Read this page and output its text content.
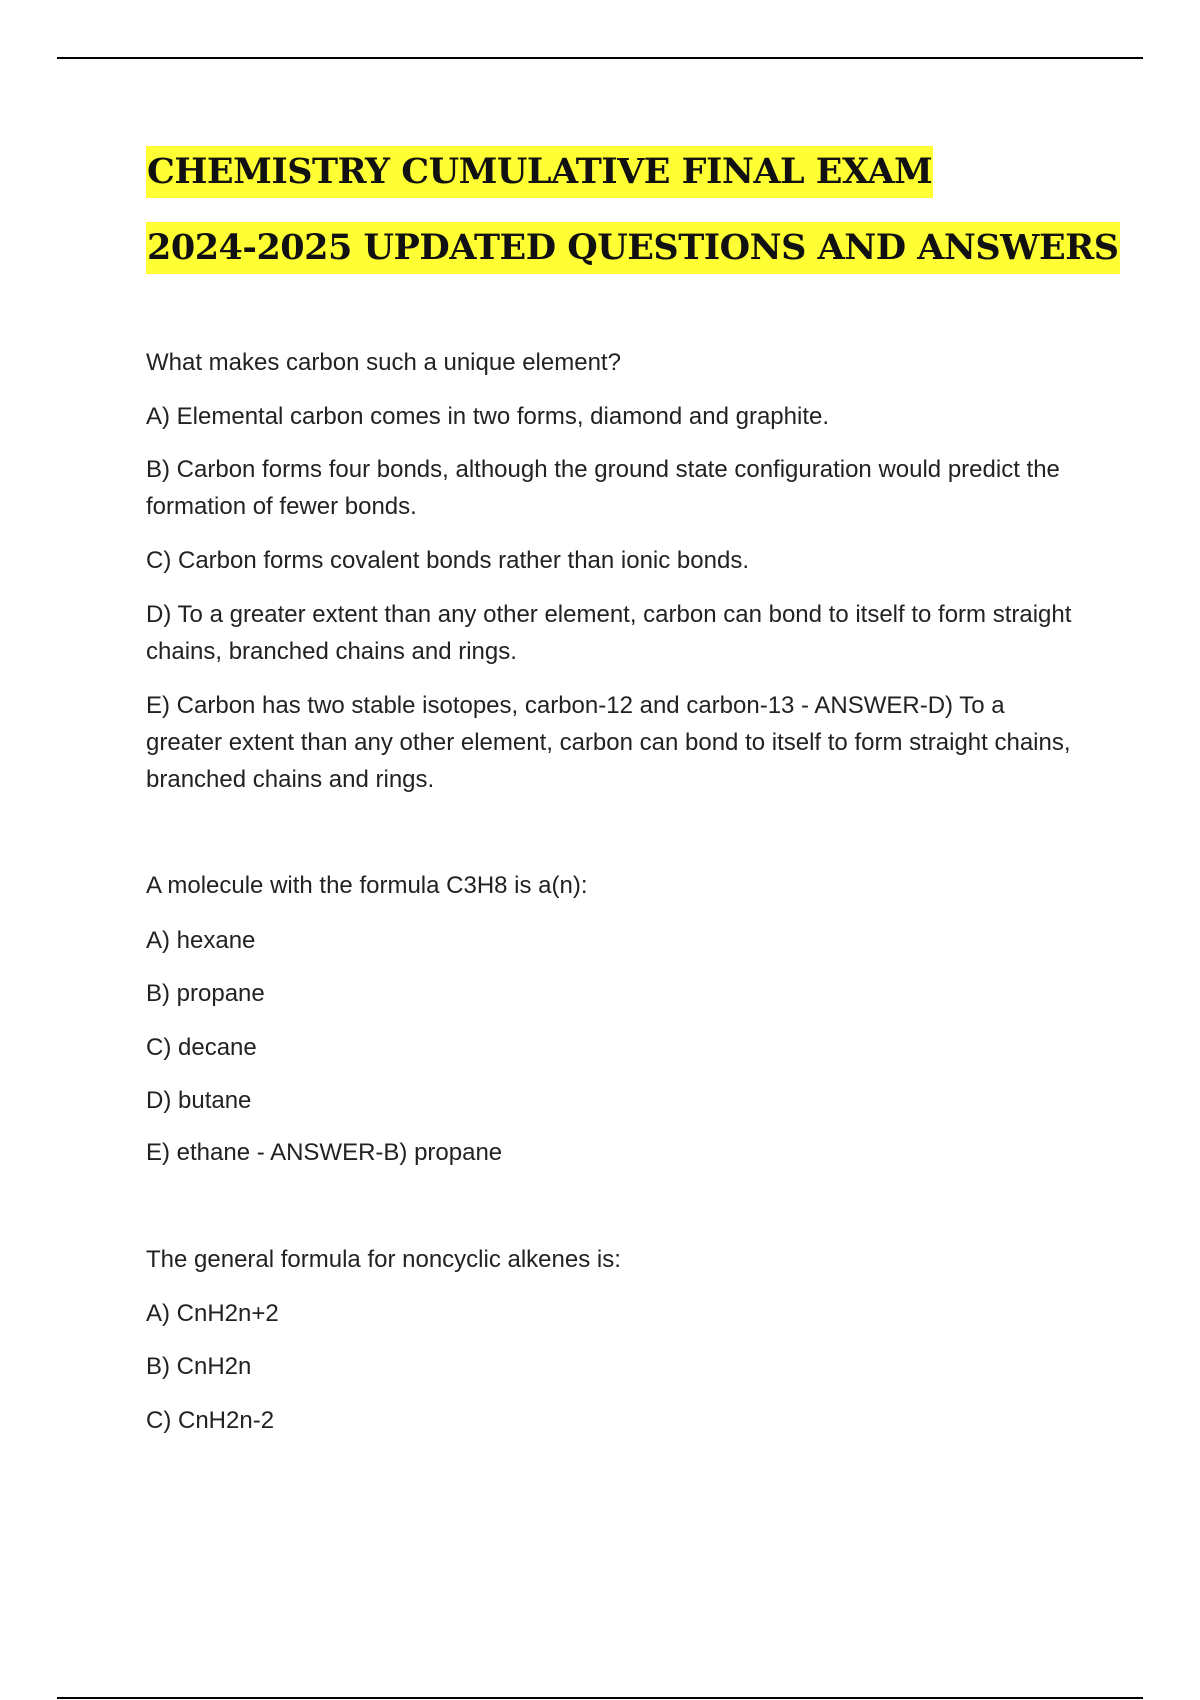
CHEMISTRY CUMULATIVE FINAL EXAM
2024-2025 UPDATED QUESTIONS AND ANSWERS

What makes carbon such a unique element?

A) Elemental carbon comes in two forms, diamond and graphite.

B) Carbon forms four bonds, although the ground state configuration would predict the formation of fewer bonds.

C) Carbon forms covalent bonds rather than ionic bonds.

D) To a greater extent than any other element, carbon can bond to itself to form straight chains, branched chains and rings.

E) Carbon has two stable isotopes, carbon-12 and carbon-13 - ANSWER-D) To a greater extent than any other element, carbon can bond to itself to form straight chains, branched chains and rings.

A molecule with the formula C3H8 is a(n):

A) hexane

B) propane

C) decane

D) butane

E) ethane - ANSWER-B) propane

The general formula for noncyclic alkenes is:

A) CnH2n+2

B) CnH2n

C) CnH2n-2
